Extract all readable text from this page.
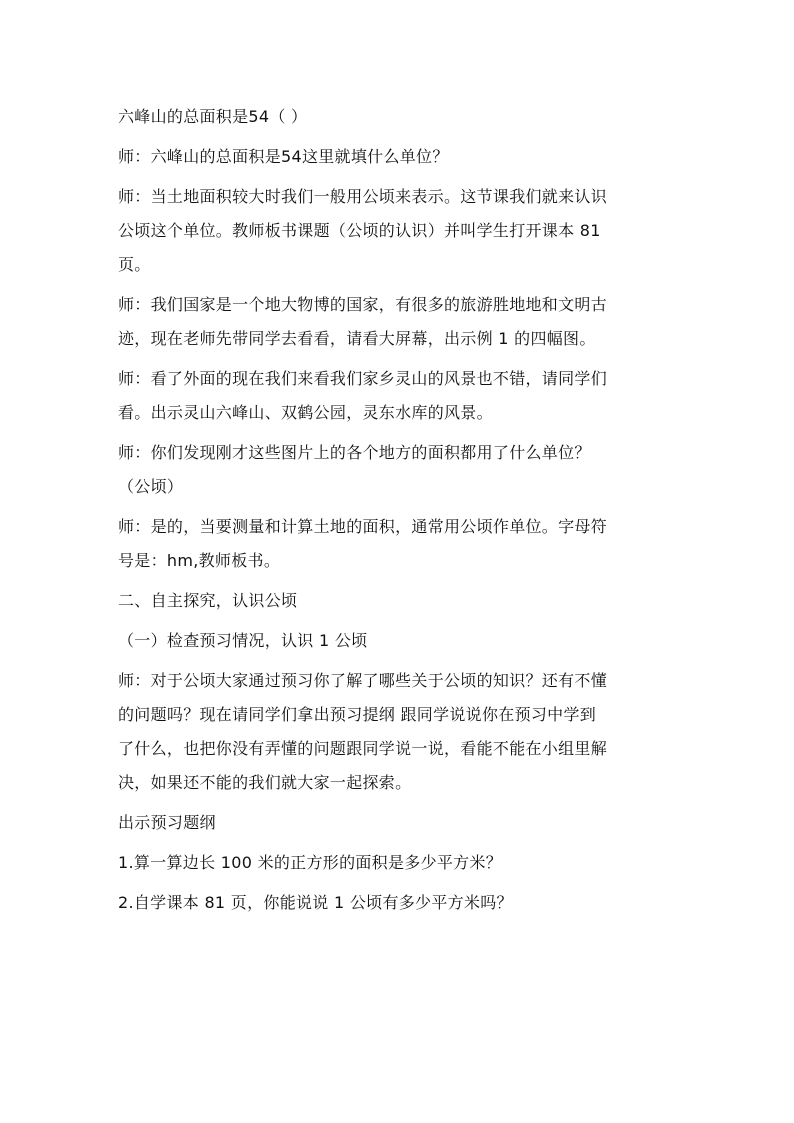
六峰山的总面积是54（ ）
师：六峰山的总面积是54这里就填什么单位？
师：当土地面积较大时我们一般用公顷来表示。这节课我们就来认识
公顷这个单位。教师板书课题（公顷的认识）并叫学生打开课本 81
页。
师：我们国家是一个地大物博的国家，有很多的旅游胜地地和文明古
迹，现在老师先带同学去看看，请看大屏幕，出示例 1 的四幅图。
师：看了外面的现在我们来看我们家乡灵山的风景也不错，请同学们
看。出示灵山六峰山、双鹤公园，灵东水库的风景。
师：你们发现刚才这些图片上的各个地方的面积都用了什么单位？
（公顷）
师：是的，当要测量和计算土地的面积，通常用公顷作单位。字母符
号是：hm,教师板书。
二、自主探究，认识公顷
（一）检查预习情况，认识 1 公顷
师：对于公顷大家通过预习你了解了哪些关于公顷的知识？还有不懂
的问题吗？现在请同学们拿出预习提纲 跟同学说说你在预习中学到
了什么，也把你没有弄懂的问题跟同学说一说，看能不能在小组里解
决，如果还不能的我们就大家一起探索。
出示预习题纲
1.算一算边长 100 米的正方形的面积是多少平方米？
2.自学课本 81 页，你能说说 1 公顷有多少平方米吗？
